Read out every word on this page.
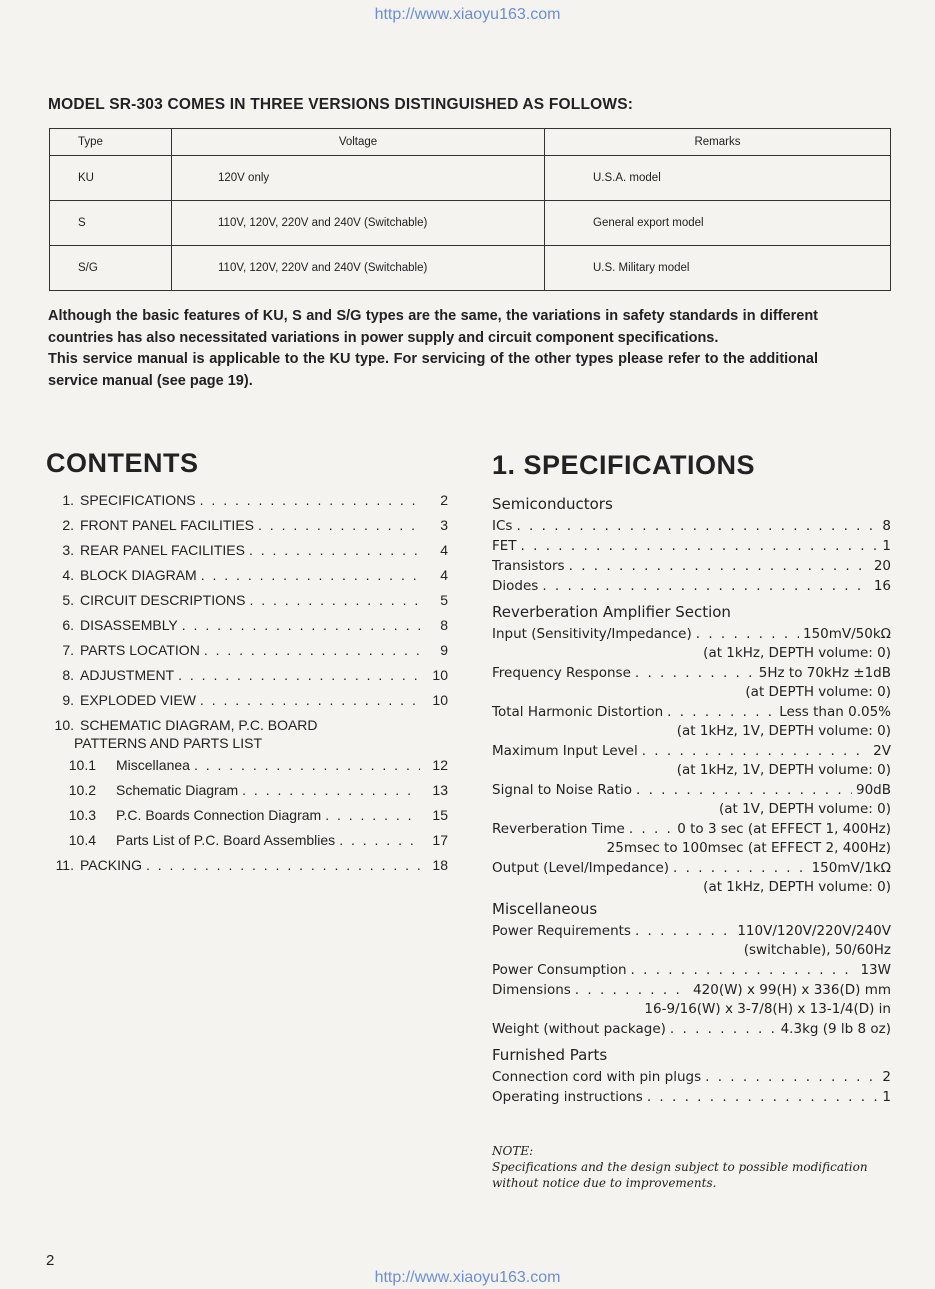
http://www.xiaoyu163.com
MODEL SR-303 COMES IN THREE VERSIONS DISTINGUISHED AS FOLLOWS:
Type	Voltage	Remarks
KU	120V only	U.S.A. model
S	110V, 120V, 220V and 240V (Switchable)	General export model
S/G	110V, 120V, 220V and 240V (Switchable)	U.S. Military model

Although the basic features of KU, S and S/G types are the same, the variations in safety standards in different countries has also necessitated variations in power supply and circuit component specifications.

This service manual is applicable to the KU type. For servicing of the other types please refer to the additional service manual (see page 19).

CONTENTS	1. SPECIFICATIONS
1. SPECIFICATIONS . . .	2
2. FRONT PANEL FACILITIES . . .	3
3. REAR PANEL FACILITIES . . .	4
4. BLOCK DIAGRAM . . .	4
5. CIRCUIT DESCRIPTIONS . . .	5
6. DISASSEMBLY . . .	8
7. PARTS LOCATION . . .	9
8. ADJUSTMENT . . .	10
9. EXPLODED VIEW . . .	10
10. SCHEMATIC DIAGRAM, P.C. BOARD
PATTERNS AND PARTS LIST
10.1	Miscellanea . . .	12
10.2	Schematic Diagram . . .	13
10.3	P.C. Boards Connection Diagram . . .	15
10.4	Parts List of P.C. Board Assemblies . . .	17
11. PACKING . . .	18
Semiconductors
ICs . . .	8
FET . . .	1
Transistors . . .	20
Diodes . . .	16
Reverberation Amplifier Section
Input (Sensitivity/Impedance) . . .	150mV/50kΩ
(at 1kHz, DEPTH volume: 0)
Frequency Response . . .	5Hz to 70kHz ±1dB
(at DEPTH volume: 0)
Total Harmonic Distortion . . .	Less than 0.05%
(at 1kHz, 1V, DEPTH volume: 0)
Maximum Input Level . . .	2V
(at 1kHz, 1V, DEPTH volume: 0)
Signal to Noise Ratio . . .	90dB
(at 1V, DEPTH volume: 0)
Reverberation Time . . .	0 to 3 sec (at EFFECT 1, 400Hz)
25msec to 100msec (at EFFECT 2, 400Hz)
Output (Level/Impedance) . . .	150mV/1kΩ
(at 1kHz, DEPTH volume: 0)
Miscellaneous
Power Requirements . . .	110V/120V/220V/240V
(switchable), 50/60Hz
Power Consumption . . .	13W
Dimensions . . .	420(W) x 99(H) x 336(D) mm
16-9/16(W) x 3-7/8(H) x 13-1/4(D) in
Weight (without package) . . .	4.3kg (9 lb 8 oz)
Furnished Parts
Connection cord with pin plugs . . .	2
Operating instructions . . .	1
NOTE:
Specifications and the design subject to possible modification without notice due to improvements.
2
http://www.xiaoyu163.com
